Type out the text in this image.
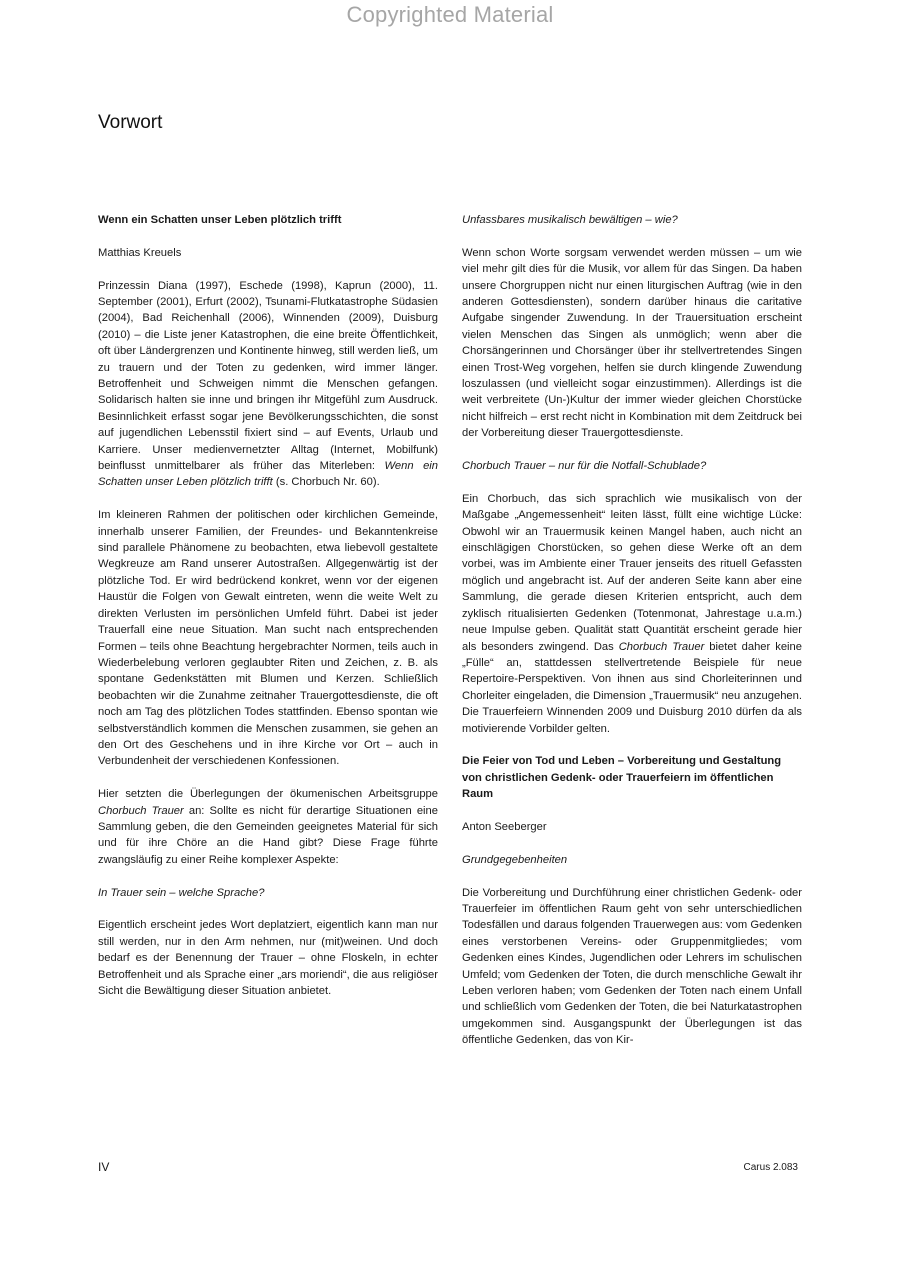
Copyrighted Material
Vorwort

Wenn ein Schatten unser Leben plötzlich trifft

Matthias Kreuels

Prinzessin Diana (1997), Eschede (1998), Kaprun (2000), 11. September (2001), Erfurt (2002), Tsunami-Flutkatastrophe Südasien (2004), Bad Reichenhall (2006), Winnenden (2009), Duisburg (2010) – die Liste jener Katastrophen, die eine breite Öffentlichkeit, oft über Ländergrenzen und Kontinente hinweg, still werden ließ, um zu trauern und der Toten zu gedenken, wird immer länger. Betroffenheit und Schweigen nimmt die Menschen gefangen. Solidarisch halten sie inne und bringen ihr Mitgefühl zum Ausdruck. Besinnlichkeit erfasst sogar jene Bevölkerungsschichten, die sonst auf jugendlichen Lebensstil fixiert sind – auf Events, Urlaub und Karriere. Unser medienvernetzter Alltag (Internet, Mobilfunk) beinflusst unmittelbarer als früher das Miterleben: Wenn ein Schatten unser Leben plötzlich trifft (s. Chorbuch Nr. 60).

Im kleineren Rahmen der politischen oder kirchlichen Gemeinde, innerhalb unserer Familien, der Freundes- und Bekanntenkreise sind parallele Phänomene zu beobachten, etwa liebevoll gestaltete Wegkreuze am Rand unserer Autostraßen. Allgegenwärtig ist der plötzliche Tod. Er wird bedrückend konkret, wenn vor der eigenen Haustür die Folgen von Gewalt eintreten, wenn die weite Welt zu direkten Verlusten im persönlichen Umfeld führt. Dabei ist jeder Trauerfall eine neue Situation. Man sucht nach entsprechenden Formen – teils ohne Beachtung hergebrachter Normen, teils auch in Wiederbelebung verloren geglaubter Riten und Zeichen, z. B. als spontane Gedenkstätten mit Blumen und Kerzen. Schließlich beobachten wir die Zunahme zeitnaher Trauergottesdienste, die oft noch am Tag des plötzlichen Todes stattfinden. Ebenso spontan wie selbstverständlich kommen die Menschen zusammen, sie gehen an den Ort des Geschehens und in ihre Kirche vor Ort – auch in Verbundenheit der verschiedenen Konfessionen.

Hier setzten die Überlegungen der ökumenischen Arbeitsgruppe Chorbuch Trauer an: Sollte es nicht für derartige Situationen eine Sammlung geben, die den Gemeinden geeignetes Material für sich und für ihre Chöre an die Hand gibt? Diese Frage führte zwangsläufig zu einer Reihe komplexer Aspekte:

In Trauer sein – welche Sprache?

Eigentlich erscheint jedes Wort deplatziert, eigentlich kann man nur still werden, nur in den Arm nehmen, nur (mit)weinen. Und doch bedarf es der Benennung der Trauer – ohne Floskeln, in echter Betroffenheit und als Sprache einer „ars moriendi“, die aus religiöser Sicht die Bewältigung dieser Situation anbietet.

Unfassbares musikalisch bewältigen – wie?

Wenn schon Worte sorgsam verwendet werden müssen – um wie viel mehr gilt dies für die Musik, vor allem für das Singen. Da haben unsere Chorgruppen nicht nur einen liturgischen Auftrag (wie in den anderen Gottesdiensten), sondern darüber hinaus die caritative Aufgabe singender Zuwendung. In der Trauersituation erscheint vielen Menschen das Singen als unmöglich; wenn aber die Chorsängerinnen und Chorsänger über ihr stellvertretendes Singen einen Trost-Weg vorgehen, helfen sie durch klingende Zuwendung loszulassen (und vielleicht sogar einzustimmen). Allerdings ist die weit verbreitete (Un-)Kultur der immer wieder gleichen Chorstücke nicht hilfreich – erst recht nicht in Kombination mit dem Zeitdruck bei der Vorbereitung dieser Trauergottesdienste.

Chorbuch Trauer – nur für die Notfall-Schublade?

Ein Chorbuch, das sich sprachlich wie musikalisch von der Maßgabe „Angemessenheit“ leiten lässt, füllt eine wichtige Lücke: Obwohl wir an Trauermusik keinen Mangel haben, auch nicht an einschlägigen Chorstücken, so gehen diese Werke oft an dem vorbei, was im Ambiente einer Trauer jenseits des rituell Gefassten möglich und angebracht ist. Auf der anderen Seite kann aber eine Sammlung, die gerade diesen Kriterien entspricht, auch dem zyklisch ritualisierten Gedenken (Totenmonat, Jahrestage u.a.m.) neue Impulse geben. Qualität statt Quantität erscheint gerade hier als besonders zwingend. Das Chorbuch Trauer bietet daher keine „Fülle“ an, stattdessen stellvertretende Beispiele für neue Repertoire-Perspektiven. Von ihnen aus sind Chorleiterinnen und Chorleiter eingeladen, die Dimension „Trauermusik“ neu anzugehen. Die Trauerfeiern Winnenden 2009 und Duisburg 2010 dürfen da als motivierende Vorbilder gelten.

Die Feier von Tod und Leben – Vorbereitung und Gestaltung von christlichen Gedenk- oder Trauerfeiern im öffentlichen Raum

Anton Seeberger

Grundgegebenheiten

Die Vorbereitung und Durchführung einer christlichen Gedenk- oder Trauerfeier im öffentlichen Raum geht von sehr unterschiedlichen Todesfällen und daraus folgenden Trauerwegen aus: vom Gedenken eines verstorbenen Vereins- oder Gruppenmitgliedes; vom Gedenken eines Kindes, Jugendlichen oder Lehrers im schulischen Umfeld; vom Gedenken der Toten, die durch menschliche Gewalt ihr Leben verloren haben; vom Gedenken der Toten nach einem Unfall und schließlich vom Gedenken der Toten, die bei Naturkatastrophen umgekommen sind. Ausgangspunkt der Überlegungen ist das öffentliche Gedenken, das von Kir-

IV	Carus 2.083
